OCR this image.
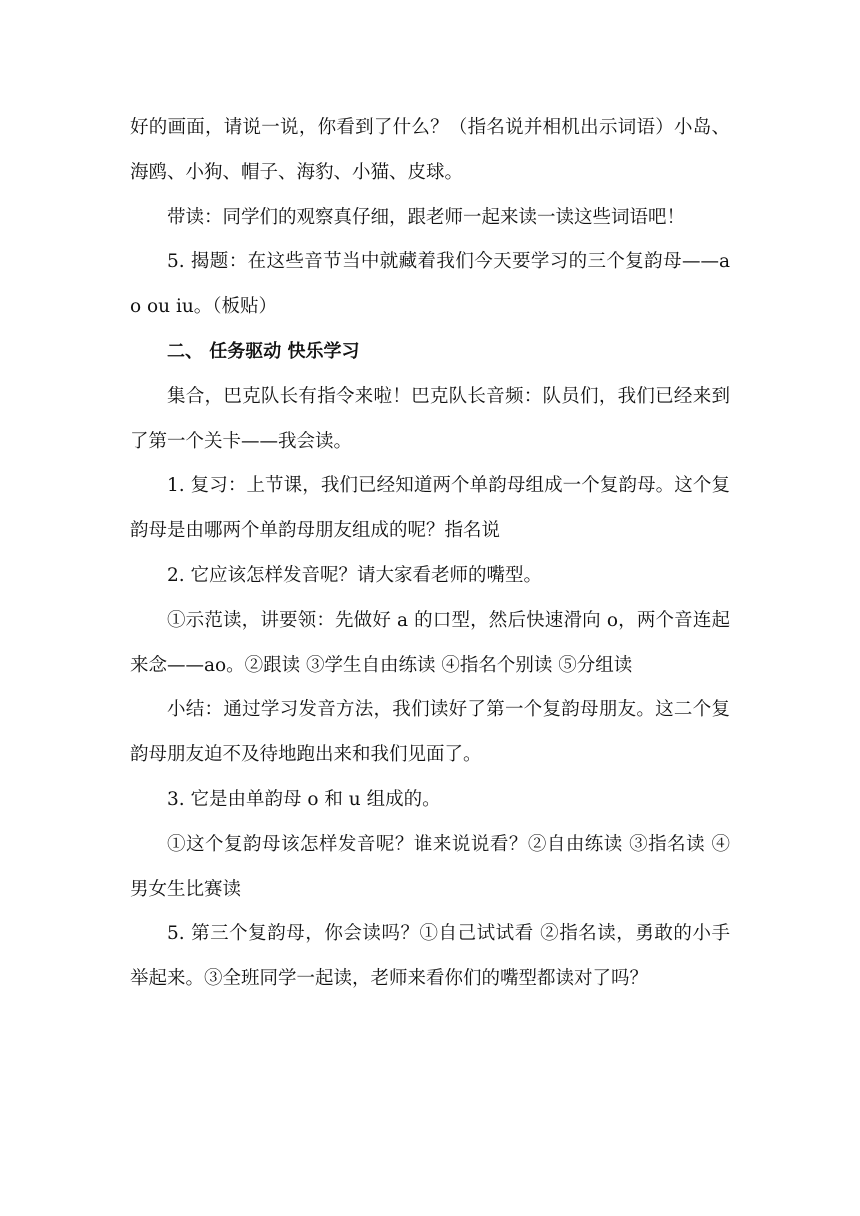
好的画面，请说一说，你看到了什么？（指名说并相机出示词语）小岛、海鸥、小狗、帽子、海豹、小猫、皮球。

带读：同学们的观察真仔细，跟老师一起来读一读这些词语吧！

5. 揭题：在这些音节当中就藏着我们今天要学习的三个复韵母——ao ou iu。（板贴）

二、 任务驱动 快乐学习

集合，巴克队长有指令来啦！巴克队长音频：队员们，我们已经来到了第一个关卡——我会读。

1. 复习：上节课，我们已经知道两个单韵母组成一个复韵母。这个复韵母是由哪两个单韵母朋友组成的呢？指名说

2. 它应该怎样发音呢？请大家看老师的嘴型。

①示范读，讲要领：先做好 a 的口型，然后快速滑向 o，两个音连起来念——ao。②跟读 ③学生自由练读 ④指名个别读 ⑤分组读

小结：通过学习发音方法，我们读好了第一个复韵母朋友。这二个复韵母朋友迫不及待地跑出来和我们见面了。

3. 它是由单韵母 o 和 u 组成的。

①这个复韵母该怎样发音呢？谁来说说看？②自由练读 ③指名读 ④男女生比赛读

5. 第三个复韵母，你会读吗？①自己试试看 ②指名读，勇敢的小手举起来。③全班同学一起读，老师来看你们的嘴型都读对了吗？
